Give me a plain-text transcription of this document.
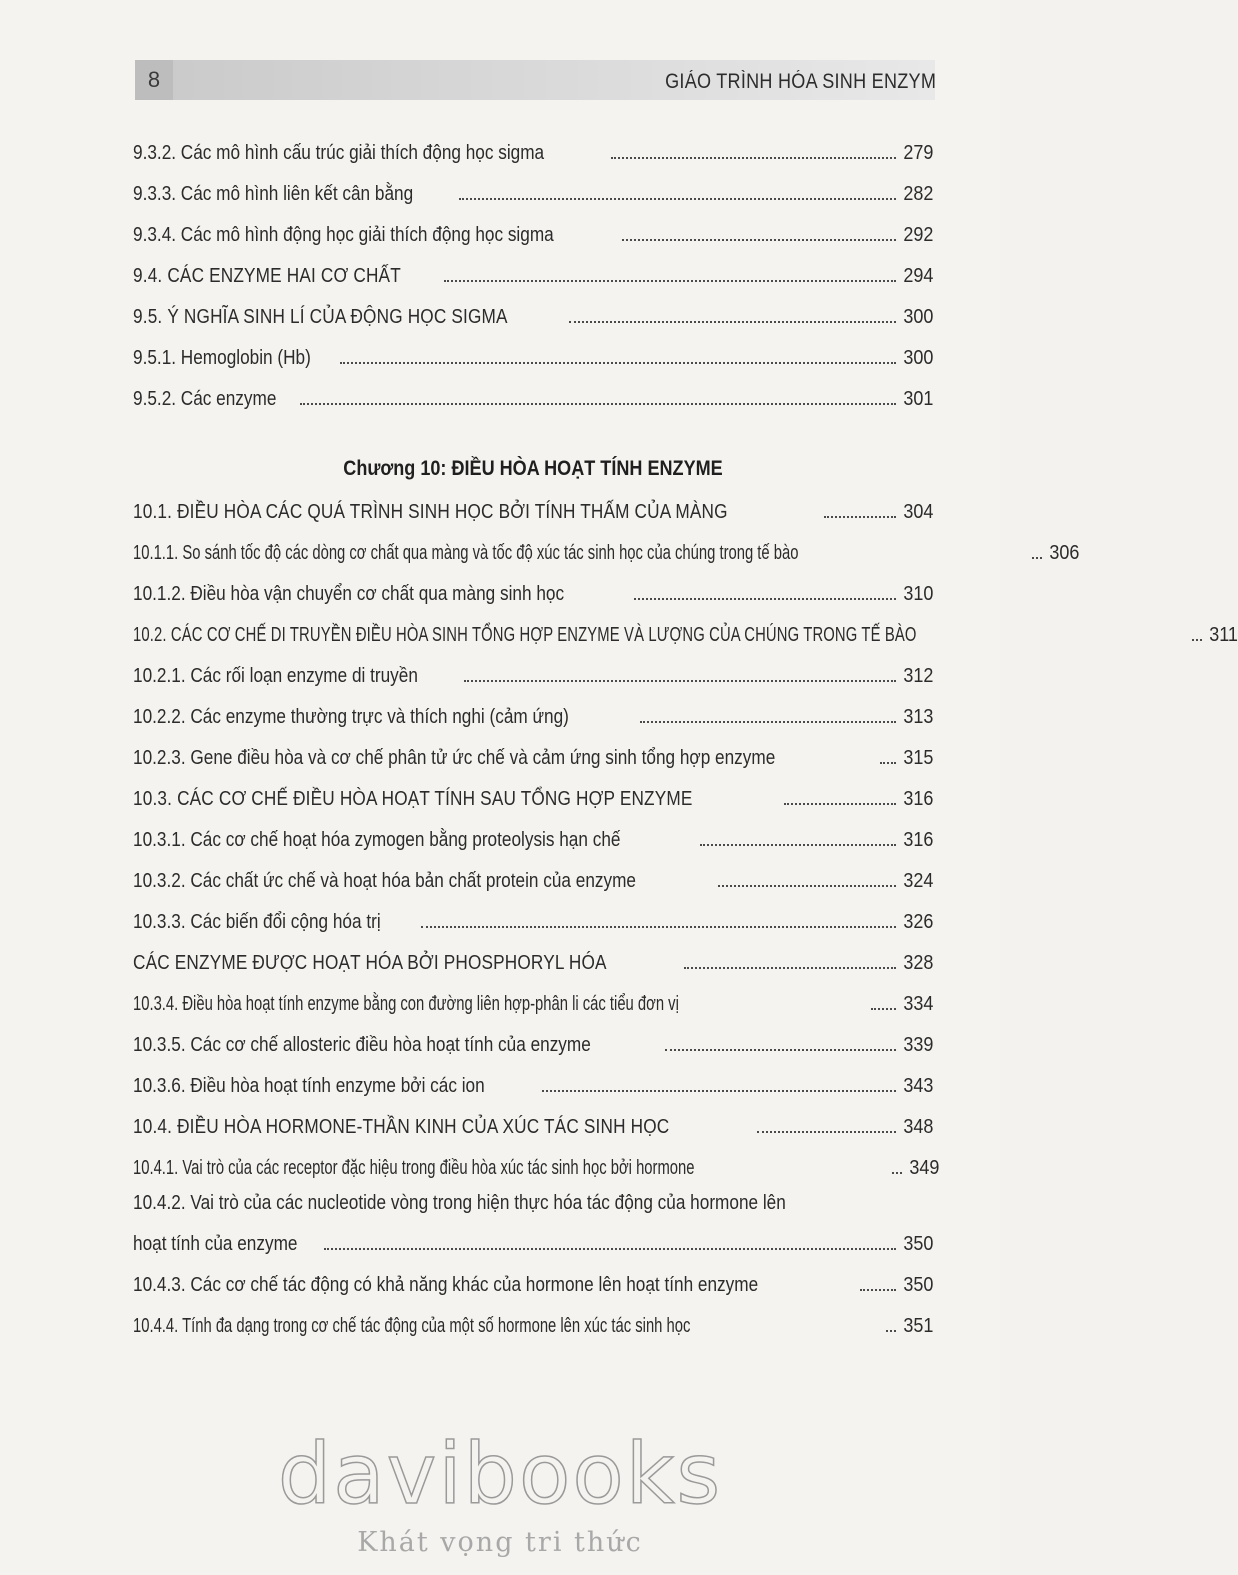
8	GIÁO TRÌNH HÓA SINH ENZYM
9.3.2. Các mô hình cấu trúc giải thích động học sigma	279
9.3.3. Các mô hình liên kết cân bằng	282
9.3.4. Các mô hình động học giải thích động học sigma	292
9.4. CÁC ENZYME HAI CƠ CHẤT	294
9.5. Ý NGHĨA SINH LÍ CỦA ĐỘNG HỌC SIGMA	300
9.5.1. Hemoglobin (Hb)	300
9.5.2. Các enzyme	301
Chương 10: ĐIỀU HÒA HOẠT TÍNH ENZYME
10.1. ĐIỀU HÒA CÁC QUÁ TRÌNH SINH HỌC BỞI TÍNH THẤM CỦA MÀNG	304
10.1.1. So sánh tốc độ các dòng cơ chất qua màng và tốc độ xúc tác sinh học của chúng trong tế bào	306
10.1.2. Điều hòa vận chuyển cơ chất qua màng sinh học	310
10.2. CÁC CƠ CHẾ DI TRUYỀN ĐIỀU HÒA SINH TỔNG HỢP ENZYME VÀ LƯỢNG CỦA CHÚNG TRONG TẾ BÀO	311
10.2.1. Các rối loạn enzyme di truyền	312
10.2.2. Các enzyme thường trực và thích nghi (cảm ứng)	313
10.2.3. Gene điều hòa và cơ chế phân tử ức chế và cảm ứng sinh tổng hợp enzyme	315
10.3. CÁC CƠ CHẾ ĐIỀU HÒA HOẠT TÍNH SAU TỔNG HỢP ENZYME	316
10.3.1. Các cơ chế hoạt hóa zymogen bằng proteolysis hạn chế	316
10.3.2. Các chất ức chế và hoạt hóa bản chất protein của enzyme	324
10.3.3. Các biến đổi cộng hóa trị	326
CÁC ENZYME ĐƯỢC HOẠT HÓA BỞI PHOSPHORYL HÓA	328
10.3.4. Điều hòa hoạt tính enzyme bằng con đường liên hợp-phân li các tiểu đơn vị	334
10.3.5. Các cơ chế allosteric điều hòa hoạt tính của enzyme	339
10.3.6. Điều hòa hoạt tính enzyme bởi các ion	343
10.4. ĐIỀU HÒA HORMONE-THẦN KINH CỦA XÚC TÁC SINH HỌC	348
10.4.1. Vai trò của các receptor đặc hiệu trong điều hòa xúc tác sinh học bởi hormone	349
10.4.2. Vai trò của các nucleotide vòng trong hiện thực hóa tác động của hormone lên
hoạt tính của enzyme	350
10.4.3. Các cơ chế tác động có khả năng khác của hormone lên hoạt tính enzyme	350
10.4.4. Tính đa dạng trong cơ chế tác động của một số hormone lên xúc tác sinh học	351
davibooks
Khát vọng tri thức
